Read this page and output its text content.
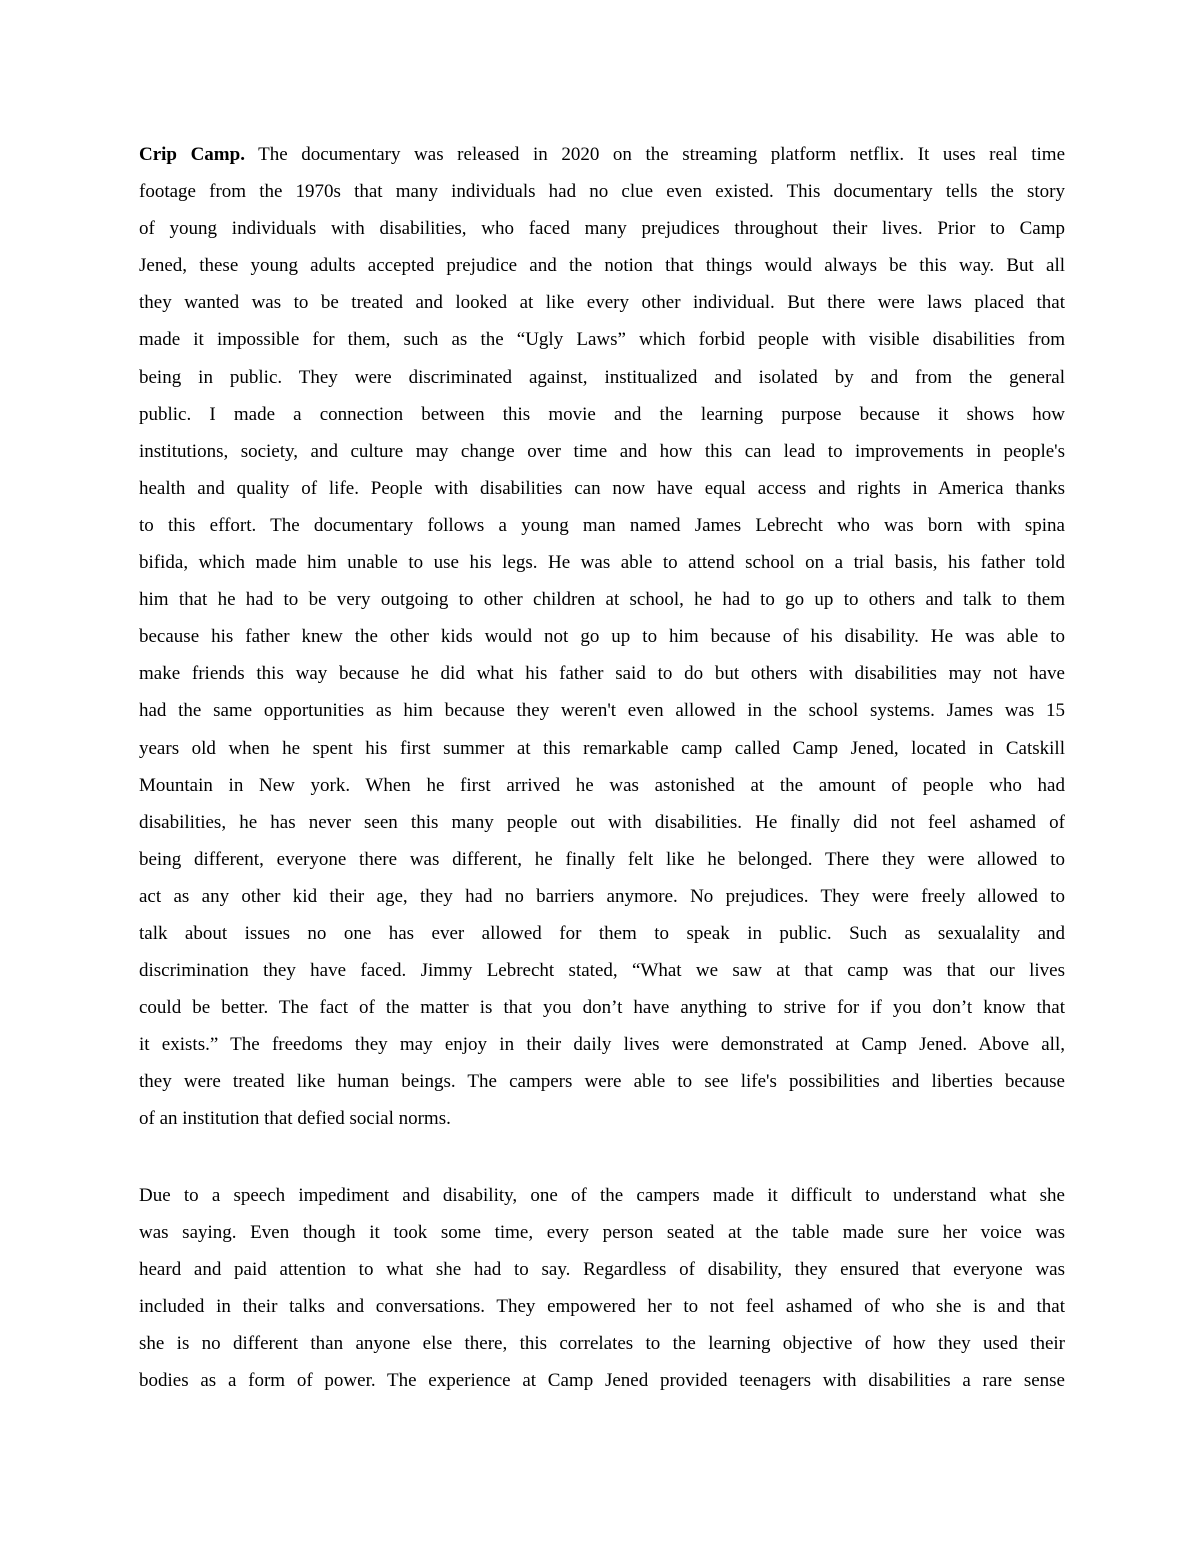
Crip Camp. The documentary was released in 2020 on the streaming platform netflix. It uses real time
footage from the 1970s that many individuals had no clue even existed. This documentary tells the story
of young individuals with disabilities, who faced many prejudices throughout their lives. Prior to Camp
Jened, these young adults accepted prejudice and the notion that things would always be this way. But all
they wanted was to be treated and looked at like every other individual. But there were laws placed that
made it impossible for them, such as the “Ugly Laws” which forbid people with visible disabilities from
being in public. They were discriminated against, institualized and isolated by and from the general
public. I made a connection between this movie and the learning purpose because it shows how
institutions, society, and culture may change over time and how this can lead to improvements in people's
health and quality of life. People with disabilities can now have equal access and rights in America thanks
to this effort. The documentary follows a young man named James Lebrecht who was born with spina
bifida, which made him unable to use his legs. He was able to attend school on a trial basis, his father told
him that he had to be very outgoing to other children at school, he had to go up to others and talk to them
because his father knew the other kids would not go up to him because of his disability. He was able to
make friends this way because he did what his father said to do but others with disabilities may not have
had the same opportunities as him because they weren't even allowed in the school systems. James was 15
years old when he spent his first summer at this remarkable camp called Camp Jened, located in Catskill
Mountain in New york. When he first arrived he was astonished at the amount of people who had
disabilities, he has never seen this many people out with disabilities. He finally did not feel ashamed of
being different, everyone there was different, he finally felt like he belonged. There they were allowed to
act as any other kid their age, they had no barriers anymore. No prejudices. They were freely allowed to
talk about issues no one has ever allowed for them to speak in public. Such as sexualality and
discrimination they have faced. Jimmy Lebrecht stated, “What we saw at that camp was that our lives
could be better. The fact of the matter is that you don’t have anything to strive for if you don’t know that
it exists.” The freedoms they may enjoy in their daily lives were demonstrated at Camp Jened. Above all,
they were treated like human beings. The campers were able to see life's possibilities and liberties because
of an institution that defied social norms.
Due to a speech impediment and disability, one of the campers made it difficult to understand what she
was saying. Even though it took some time, every person seated at the table made sure her voice was
heard and paid attention to what she had to say. Regardless of disability, they ensured that everyone was
included in their talks and conversations. They empowered her to not feel ashamed of who she is and that
she is no different than anyone else there, this correlates to the learning objective of how they used their
bodies as a form of power. The experience at Camp Jened provided teenagers with disabilities a rare sense
